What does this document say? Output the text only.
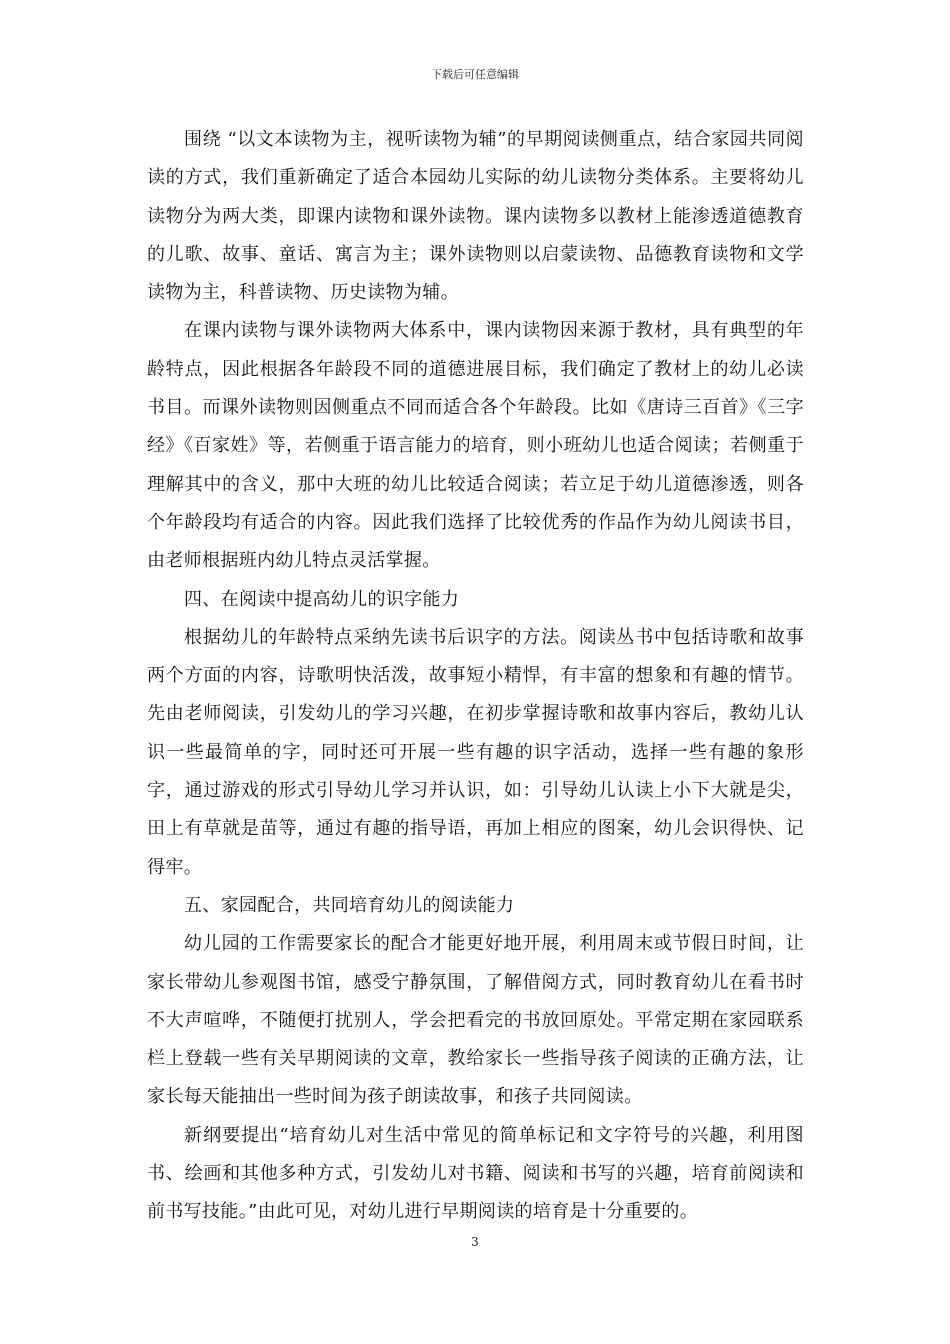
下载后可任意编辑

围绕 “以文本读物为主，视听读物为辅”的早期阅读侧重点，结合家园共同阅读的方式，我们重新确定了适合本园幼儿实际的幼儿读物分类体系。主要将幼儿读物分为两大类，即课内读物和课外读物。课内读物多以教材上能渗透道德教育的儿歌、故事、童话、寓言为主；课外读物则以启蒙读物、品德教育读物和文学读物为主，科普读物、历史读物为辅。

在课内读物与课外读物两大体系中，课内读物因来源于教材，具有典型的年龄特点，因此根据各年龄段不同的道德进展目标，我们确定了教材上的幼儿必读书目。而课外读物则因侧重点不同而适合各个年龄段。比如《唐诗三百首》《三字经》《百家姓》等，若侧重于语言能力的培育，则小班幼儿也适合阅读；若侧重于理解其中的含义，那中大班的幼儿比较适合阅读；若立足于幼儿道德渗透，则各个年龄段均有适合的内容。因此我们选择了比较优秀的作品作为幼儿阅读书目，由老师根据班内幼儿特点灵活掌握。

四、在阅读中提高幼儿的识字能力

根据幼儿的年龄特点采纳先读书后识字的方法。阅读丛书中包括诗歌和故事两个方面的内容，诗歌明快活泼，故事短小精悍，有丰富的想象和有趣的情节。先由老师阅读，引发幼儿的学习兴趣，在初步掌握诗歌和故事内容后，教幼儿认识一些最简单的字，同时还可开展一些有趣的识字活动，选择一些有趣的象形字，通过游戏的形式引导幼儿学习并认识，如：引导幼儿认读上小下大就是尖，田上有草就是苗等，通过有趣的指导语，再加上相应的图案，幼儿会识得快、记得牢。

五、家园配合，共同培育幼儿的阅读能力

幼儿园的工作需要家长的配合才能更好地开展，利用周末或节假日时间，让家长带幼儿参观图书馆，感受宁静氛围，了解借阅方式，同时教育幼儿在看书时不大声喧哗，不随便打扰别人，学会把看完的书放回原处。平常定期在家园联系栏上登载一些有关早期阅读的文章，教给家长一些指导孩子阅读的正确方法，让家长每天能抽出一些时间为孩子朗读故事，和孩子共同阅读。

新纲要提出“培育幼儿对生活中常见的简单标记和文字符号的兴趣，利用图书、绘画和其他多种方式，引发幼儿对书籍、阅读和书写的兴趣，培育前阅读和前书写技能。”由此可见，对幼儿进行早期阅读的培育是十分重要的。

3
